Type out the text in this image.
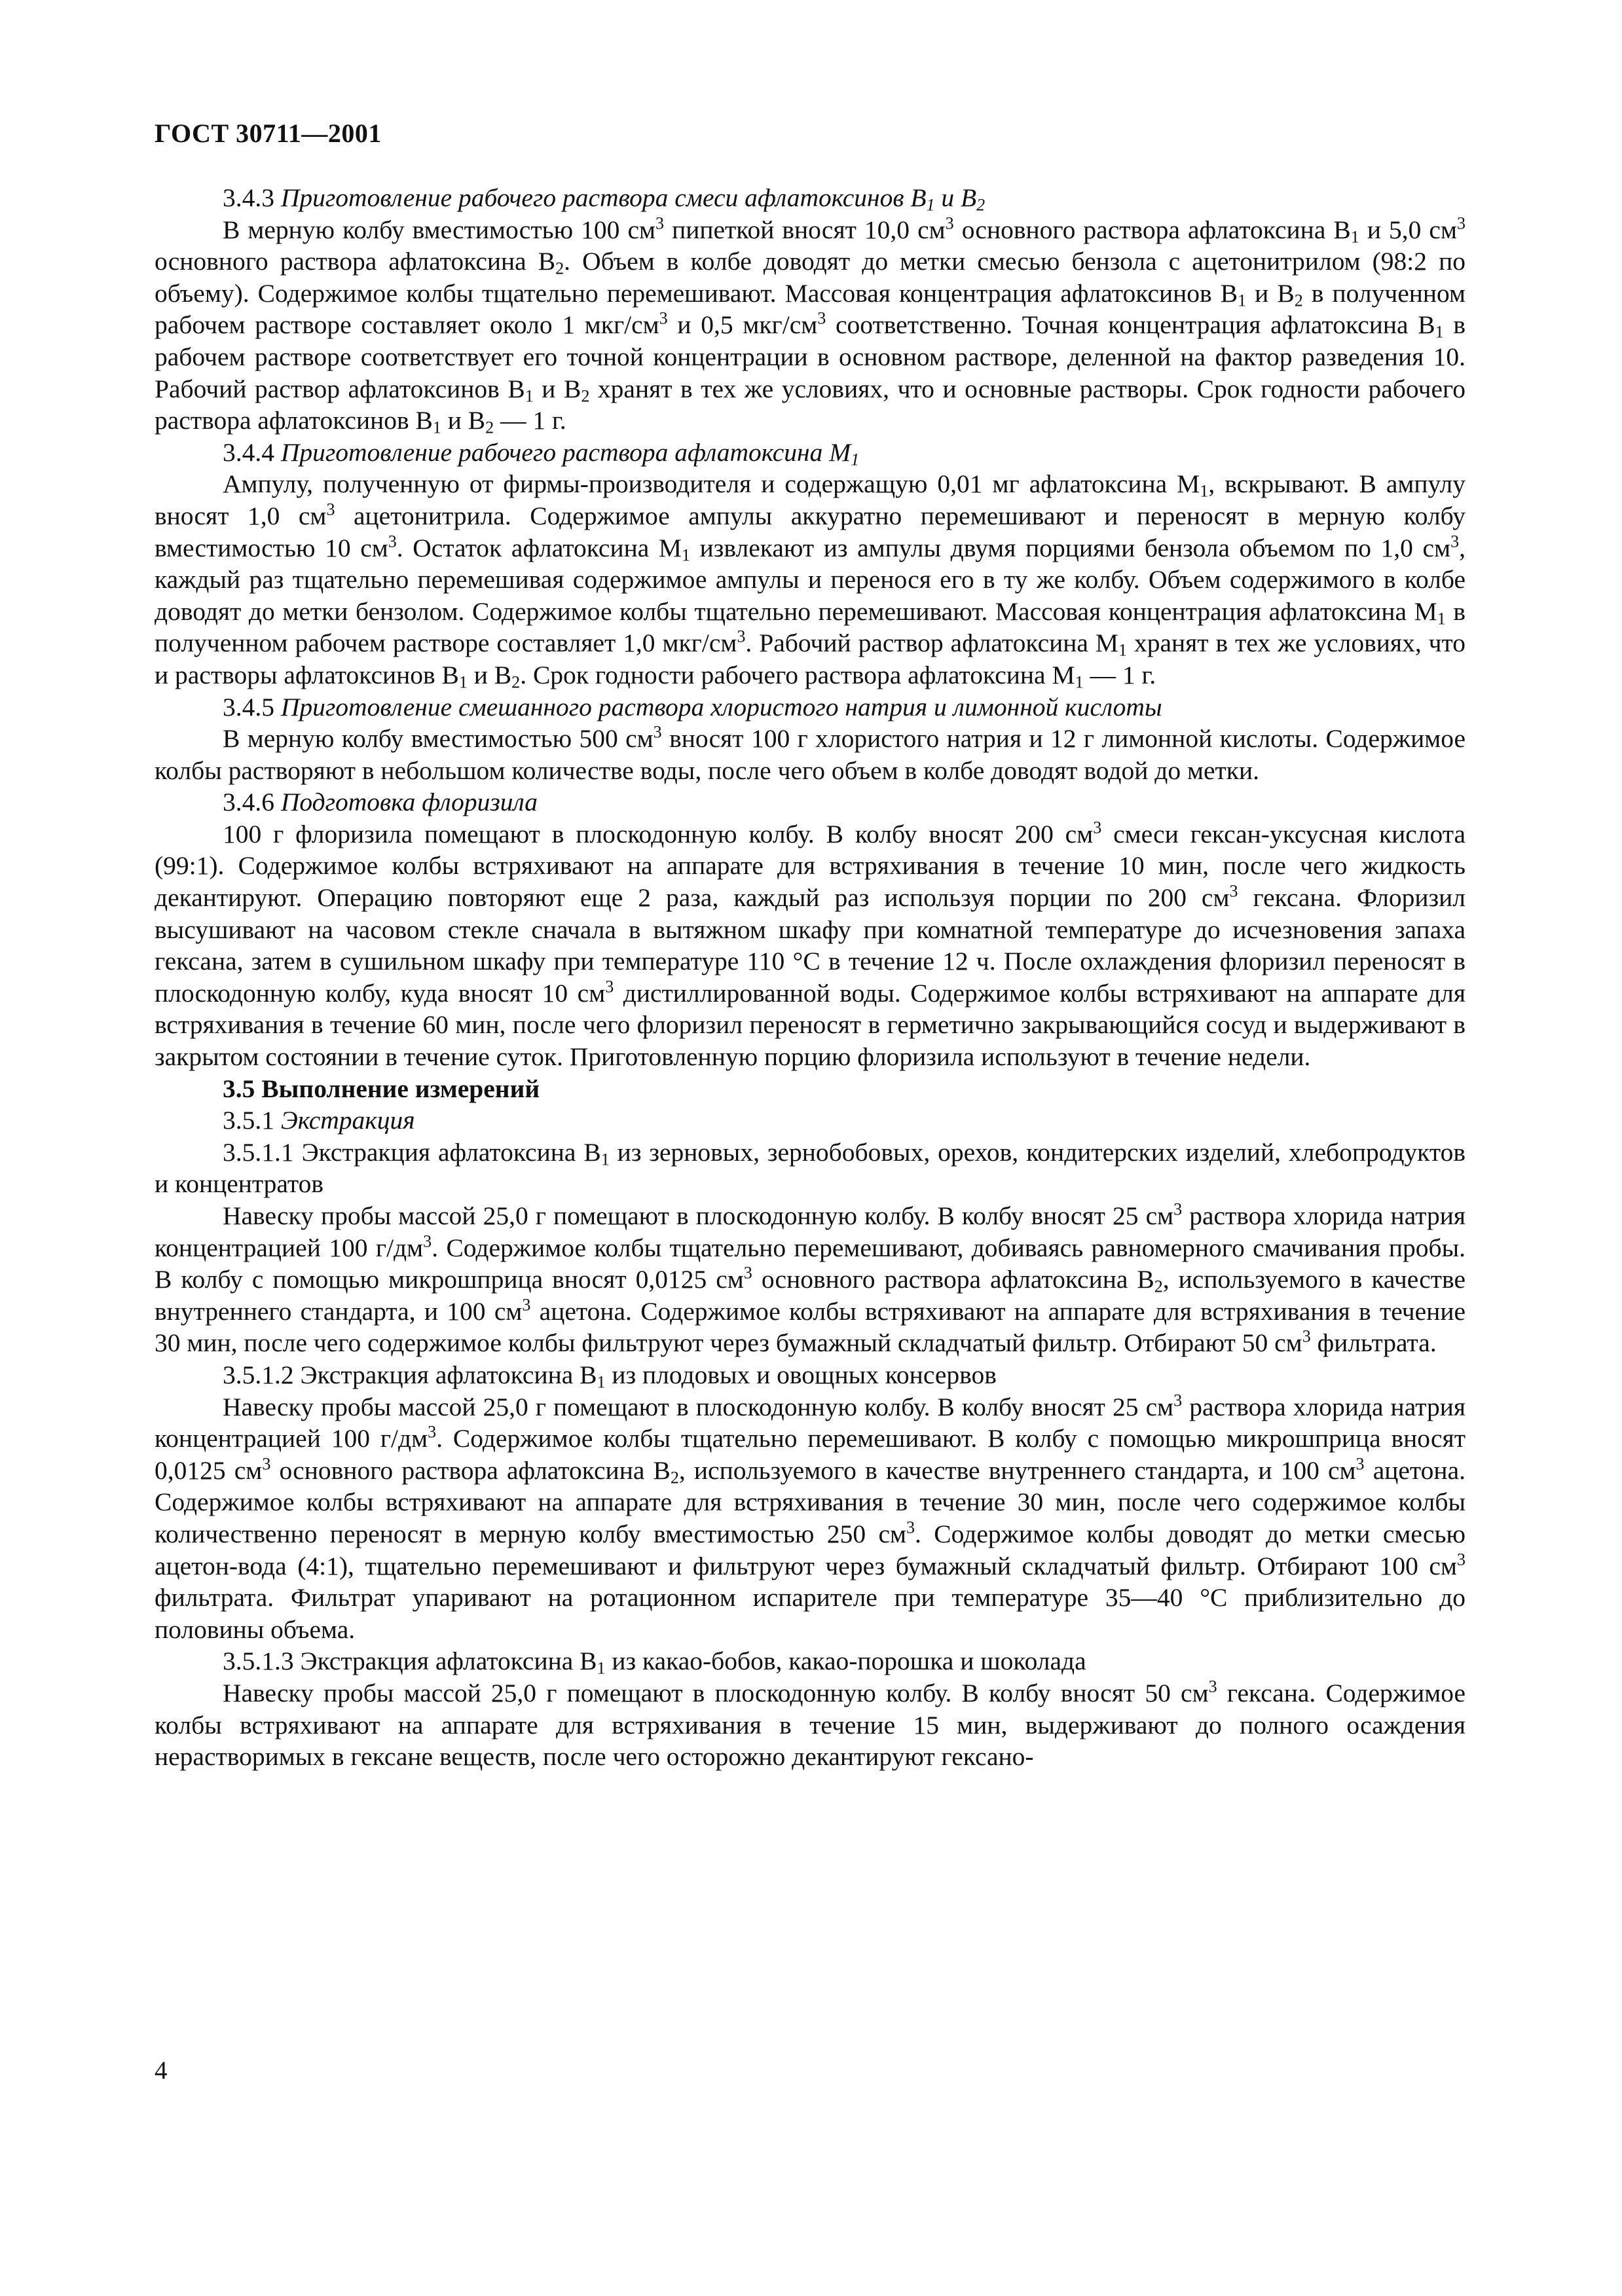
ГОСТ 30711—2001

3.4.3 Приготовление рабочего раствора смеси афлатоксинов $B_1$ и $B_2$

В мерную колбу вместимостью 100 $см^3$ пипеткой вносят 10,0 $см^3$ основного раствора афлатоксина $В_1$ и 5,0 $см^3$ основного раствора афлатоксина $В_2$. Объем в колбе доводят до метки смесью бензола с ацетонитрилом (98:2 по объему). Содержимое колбы тщательно перемешивают. Массовая концентрация афлатоксинов $В_1$ и $В_2$ в полученном рабочем растворе составляет около 1 мкг/$см^3$ и 0,5 мкг/$см^3$ соответственно. Точная концентрация афлатоксина $В_1$ в рабочем растворе соответствует его точной концентрации в основном растворе, деленной на фактор разведения 10. Рабочий раствор афлатоксинов $В_1$ и $В_2$ хранят в тех же условиях, что и основные растворы. Срок годности рабочего раствора афлатоксинов $В_1$ и $В_2$ — 1 г.

3.4.4 Приготовление рабочего раствора афлатоксина $M_1$

Ампулу, полученную от фирмы-производителя и содержащую 0,01 мг афлатоксина $М_1$, вскрывают. В ампулу вносят 1,0 $см^3$ ацетонитрила. Содержимое ампулы аккуратно перемешивают и переносят в мерную колбу вместимостью 10 $см^3$. Остаток афлатоксина $М_1$ извлекают из ампулы двумя порциями бензола объемом по 1,0 $см^3$, каждый раз тщательно перемешивая содержимое ампулы и перенося его в ту же колбу. Объем содержимого в колбе доводят до метки бензолом. Содержимое колбы тщательно перемешивают. Массовая концентрация афлатоксина $М_1$ в полученном рабочем растворе составляет 1,0 мкг/$см^3$. Рабочий раствор афлатоксина $М_1$ хранят в тех же условиях, что и растворы афлатоксинов $В_1$ и $В_2$. Срок годности рабочего раствора афлатоксина $М_1$ — 1 г.

3.4.5 Приготовление смешанного раствора хлористого натрия и лимонной кислоты

В мерную колбу вместимостью 500 $см^3$ вносят 100 г хлористого натрия и 12 г лимонной кислоты. Содержимое колбы растворяют в небольшом количестве воды, после чего объем в колбе доводят водой до метки.

3.4.6 Подготовка флоризила

100 г флоризила помещают в плоскодонную колбу. В колбу вносят 200 $см^3$ смеси гексан-уксусная кислота (99:1). Содержимое колбы встряхивают на аппарате для встряхивания в течение 10 мин, после чего жидкость декантируют. Операцию повторяют еще 2 раза, каждый раз используя порции по 200 $см^3$ гексана. Флоризил высушивают на часовом стекле сначала в вытяжном шкафу при комнатной температуре до исчезновения запаха гексана, затем в сушильном шкафу при температуре 110 °С в течение 12 ч. После охлаждения флоризил переносят в плоскодонную колбу, куда вносят 10 $см^3$ дистиллированной воды. Содержимое колбы встряхивают на аппарате для встряхивания в течение 60 мин, после чего флоризил переносят в герметично закрывающийся сосуд и выдерживают в закрытом состоянии в течение суток. Приготовленную порцию флоризила используют в течение недели.

3.5 Выполнение измерений

3.5.1 Экстракция

3.5.1.1 Экстракция афлатоксина $В_1$ из зерновых, зернобобовых, орехов, кондитерских изделий, хлебопродуктов и концентратов

Навеску пробы массой 25,0 г помещают в плоскодонную колбу. В колбу вносят 25 $см^3$ раствора хлорида натрия концентрацией 100 $г/дм^3$. Содержимое колбы тщательно перемешивают, добиваясь равномерного смачивания пробы. В колбу с помощью микрошприца вносят 0,0125 $см^3$ основного раствора афлатоксина $В_2$, используемого в качестве внутреннего стандарта, и 100 $см^3$ ацетона. Содержимое колбы встряхивают на аппарате для встряхивания в течение 30 мин, после чего содержимое колбы фильтруют через бумажный складчатый фильтр. Отбирают 50 $см^3$ фильтрата.

3.5.1.2 Экстракция афлатоксина $В_1$ из плодовых и овощных консервов

Навеску пробы массой 25,0 г помещают в плоскодонную колбу. В колбу вносят 25 $см^3$ раствора хлорида натрия концентрацией 100 $г/дм^3$. Содержимое колбы тщательно перемешивают. В колбу с помощью микрошприца вносят 0,0125 $см^3$ основного раствора афлатоксина $В_2$, используемого в качестве внутреннего стандарта, и 100 $см^3$ ацетона. Содержимое колбы встряхивают на аппарате для встряхивания в течение 30 мин, после чего содержимое колбы количественно переносят в мерную колбу вместимостью 250 $см^3$. Содержимое колбы доводят до метки смесью ацетон-вода (4:1), тщательно перемешивают и фильтруют через бумажный складчатый фильтр. Отбирают 100 $см^3$ фильтрата. Фильтрат упаривают на ротационном испарителе при температуре 35—40 °С приблизительно до половины объема.

3.5.1.3 Экстракция афлатоксина $В_1$ из какао-бобов, какао-порошка и шоколада

Навеску пробы массой 25,0 г помещают в плоскодонную колбу. В колбу вносят 50 $см^3$ гексана. Содержимое колбы встряхивают на аппарате для встряхивания в течение 15 мин, выдерживают до полного осаждения нерастворимых в гексане веществ, после чего осторожно декантируют гексано-

4
